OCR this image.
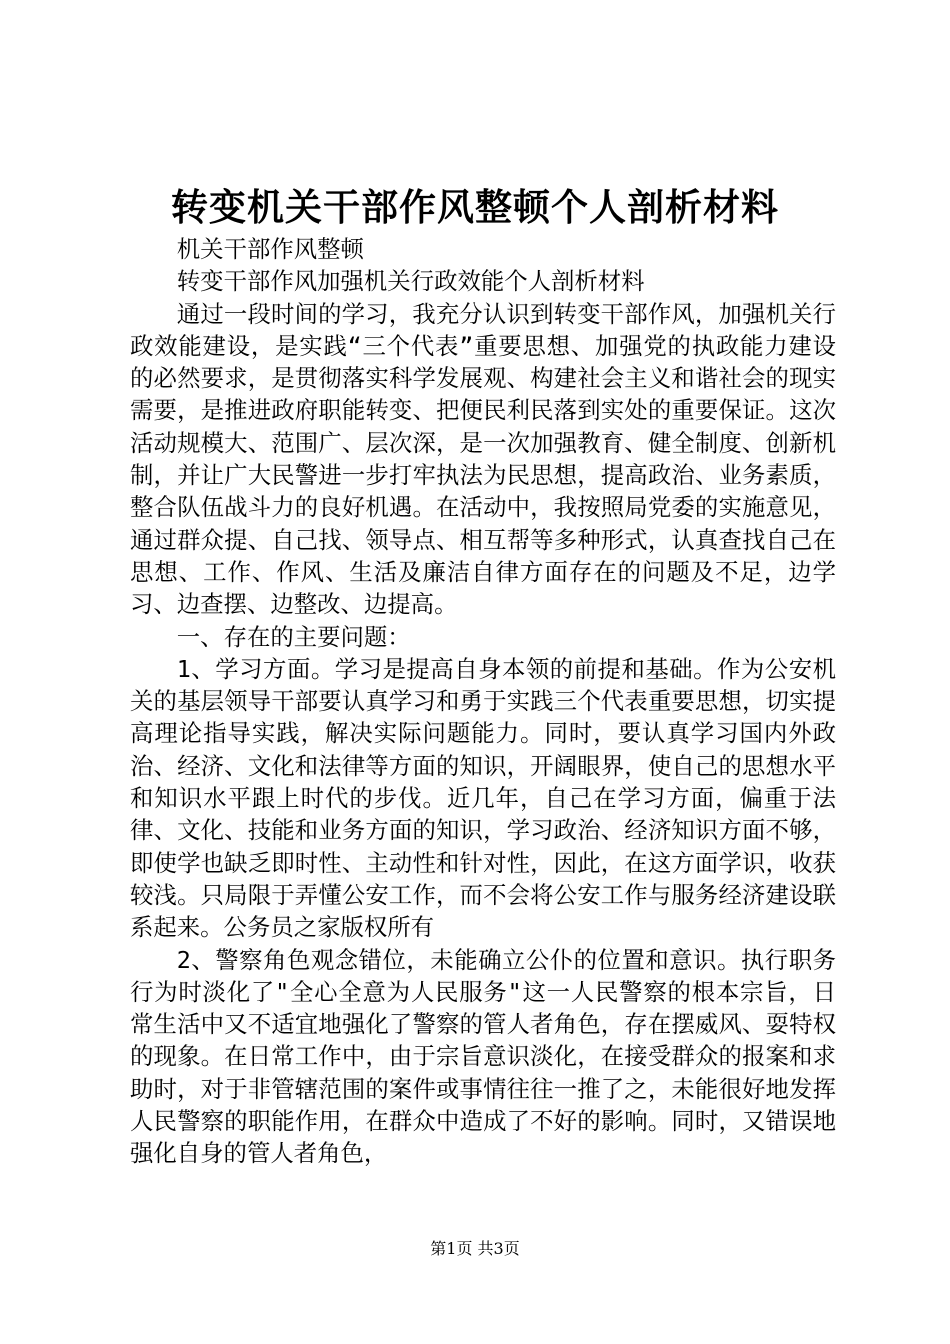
转变机关干部作风整顿个人剖析材料

机关干部作风整顿

转变干部作风加强机关行政效能个人剖析材料

通过一段时间的学习，我充分认识到转变干部作风，加强机关行政效能建设，是实践“三个代表”重要思想、加强党的执政能力建设的必然要求，是贯彻落实科学发展观、构建社会主义和谐社会的现实需要，是推进政府职能转变、把便民利民落到实处的重要保证。这次活动规模大、范围广、层次深，是一次加强教育、健全制度、创新机制，并让广大民警进一步打牢执法为民思想，提高政治、业务素质，整合队伍战斗力的良好机遇。在活动中，我按照局党委的实施意见，通过群众提、自己找、领导点、相互帮等多种形式，认真查找自己在思想、工作、作风、生活及廉洁自律方面存在的问题及不足，边学习、边查摆、边整改、边提高。

一、存在的主要问题：

1、学习方面。学习是提高自身本领的前提和基础。作为公安机关的基层领导干部要认真学习和勇于实践三个代表重要思想，切实提高理论指导实践，解决实际问题能力。同时，要认真学习国内外政治、经济、文化和法律等方面的知识，开阔眼界，使自己的思想水平和知识水平跟上时代的步伐。近几年，自己在学习方面，偏重于法律、文化、技能和业务方面的知识，学习政治、经济知识方面不够，即使学也缺乏即时性、主动性和针对性，因此，在这方面学识，收获较浅。只局限于弄懂公安工作，而不会将公安工作与服务经济建设联系起来。公务员之家版权所有

2、警察角色观念错位，未能确立公仆的位置和意识。执行职务行为时淡化了"全心全意为人民服务"这一人民警察的根本宗旨，日常生活中又不适宜地强化了警察的管人者角色，存在摆威风、耍特权的现象。在日常工作中，由于宗旨意识淡化，在接受群众的报案和求助时，对于非管辖范围的案件或事情往往一推了之，未能很好地发挥人民警察的职能作用，在群众中造成了不好的影响。同时，又错误地强化自身的管人者角色，

第1页 共3页
